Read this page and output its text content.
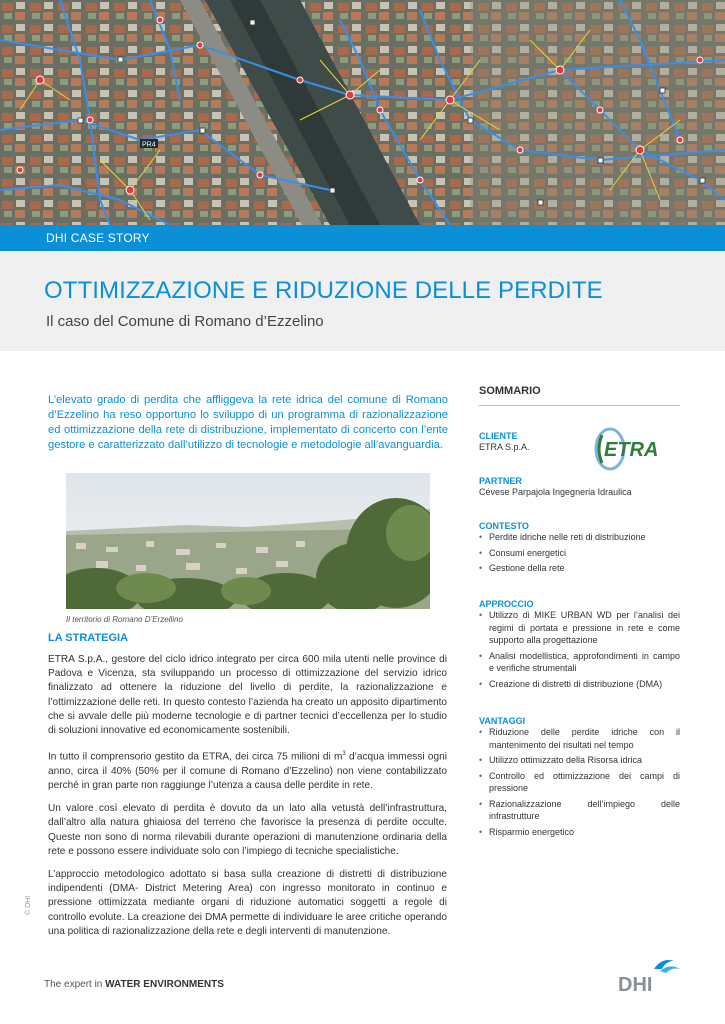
PR4
DHI CASE STORY
OTTIMIZZAZIONE E RIDUZIONE DELLE PERDITE
Il caso del Comune di Romano d’Ezzelino
L’elevato grado di perdita che affliggeva la rete idrica del comune di Romano d’Ezzelino ha reso opportuno lo sviluppo di un programma di razionalizzazione ed ottimizzazione della rete di distribuzione, implementato di concerto con l’ente gestore e caratterizzato dall’utilizzo di tecnologie e metodologie all’avanguardia.
Il territorio di Romano D’Erzellino
LA STRATEGIA

ETRA S.p.A., gestore del ciclo idrico integrato per circa 600 mila utenti nelle province di Padova e Vicenza, sta sviluppando un processo di ottimizzazione del servizio idrico finalizzato ad ottenere la riduzione del livello di perdite, la razionalizzazione e l’ottimizzazione delle reti. In questo contesto l’azienda ha creato un apposito dipartimento che si avvale delle più moderne tecnologie e di partner tecnici d’eccellenza per lo studio di soluzioni innovative ed economicamente sostenibili.

In tutto il comprensorio gestito da ETRA, dei circa 75 milioni di $m^3$ d’acqua immessi ogni anno, circa il 40% (50% per il comune di Romano d’Ezzelino) non viene contabilizzato perché in gran parte non raggiunge l’utenza a causa delle perdite in rete.

Un valore così elevato di perdita è dovuto da un lato alla vetustà dell’infrastruttura, dall’altro alla natura ghiaiosa del terreno che favorisce la presenza di perdite occulte. Queste non sono di norma rilevabili durante operazioni di manutenzione ordinaria della rete e possono essere individuate solo con l’impiego di tecniche specialistiche.

L’approccio metodologico adottato si basa sulla creazione di distretti di distribuzione indipendenti (DMA- District Metering Area) con ingresso monitorato in continuo e pressione ottimizzata mediante organi di riduzione automatici soggetti a regole di controllo evolute. La creazione dei DMA permette di individuare le aree critiche operando una politica di razionalizzazione della rete e degli interventi di manutenzione.

© DHI
SOMMARIO
CLIENTE
ETRA S.p.A.	ETRA
PARTNER
Cévese Parpajola Ingegneria Idraulica
CONTESTO
• Perdite idriche nelle reti di distribuzione
• Consumi energetici
• Gestione della rete
APPROCCIO
• Utilizzo di MIKE URBAN WD per l’analisi dei regimi di portata e pressione in rete e come supporto alla progettazione
• Analisi modellistica, approfondimenti in campo e verifiche strumentali
• Creazione di distretti di distribuzione (DMA)
VANTAGGI
• Riduzione delle perdite idriche con il mantenimento dei risultati nel tempo
• Utilizzo ottimizzato della Risorsa idrica
• Controllo ed ottimizzazione dei campi di pressione
• Razionalizzazione dell’impiego delle infrastrutture
• Risparmio energetico
The expert in WATER ENVIRONMENTS	DHI
